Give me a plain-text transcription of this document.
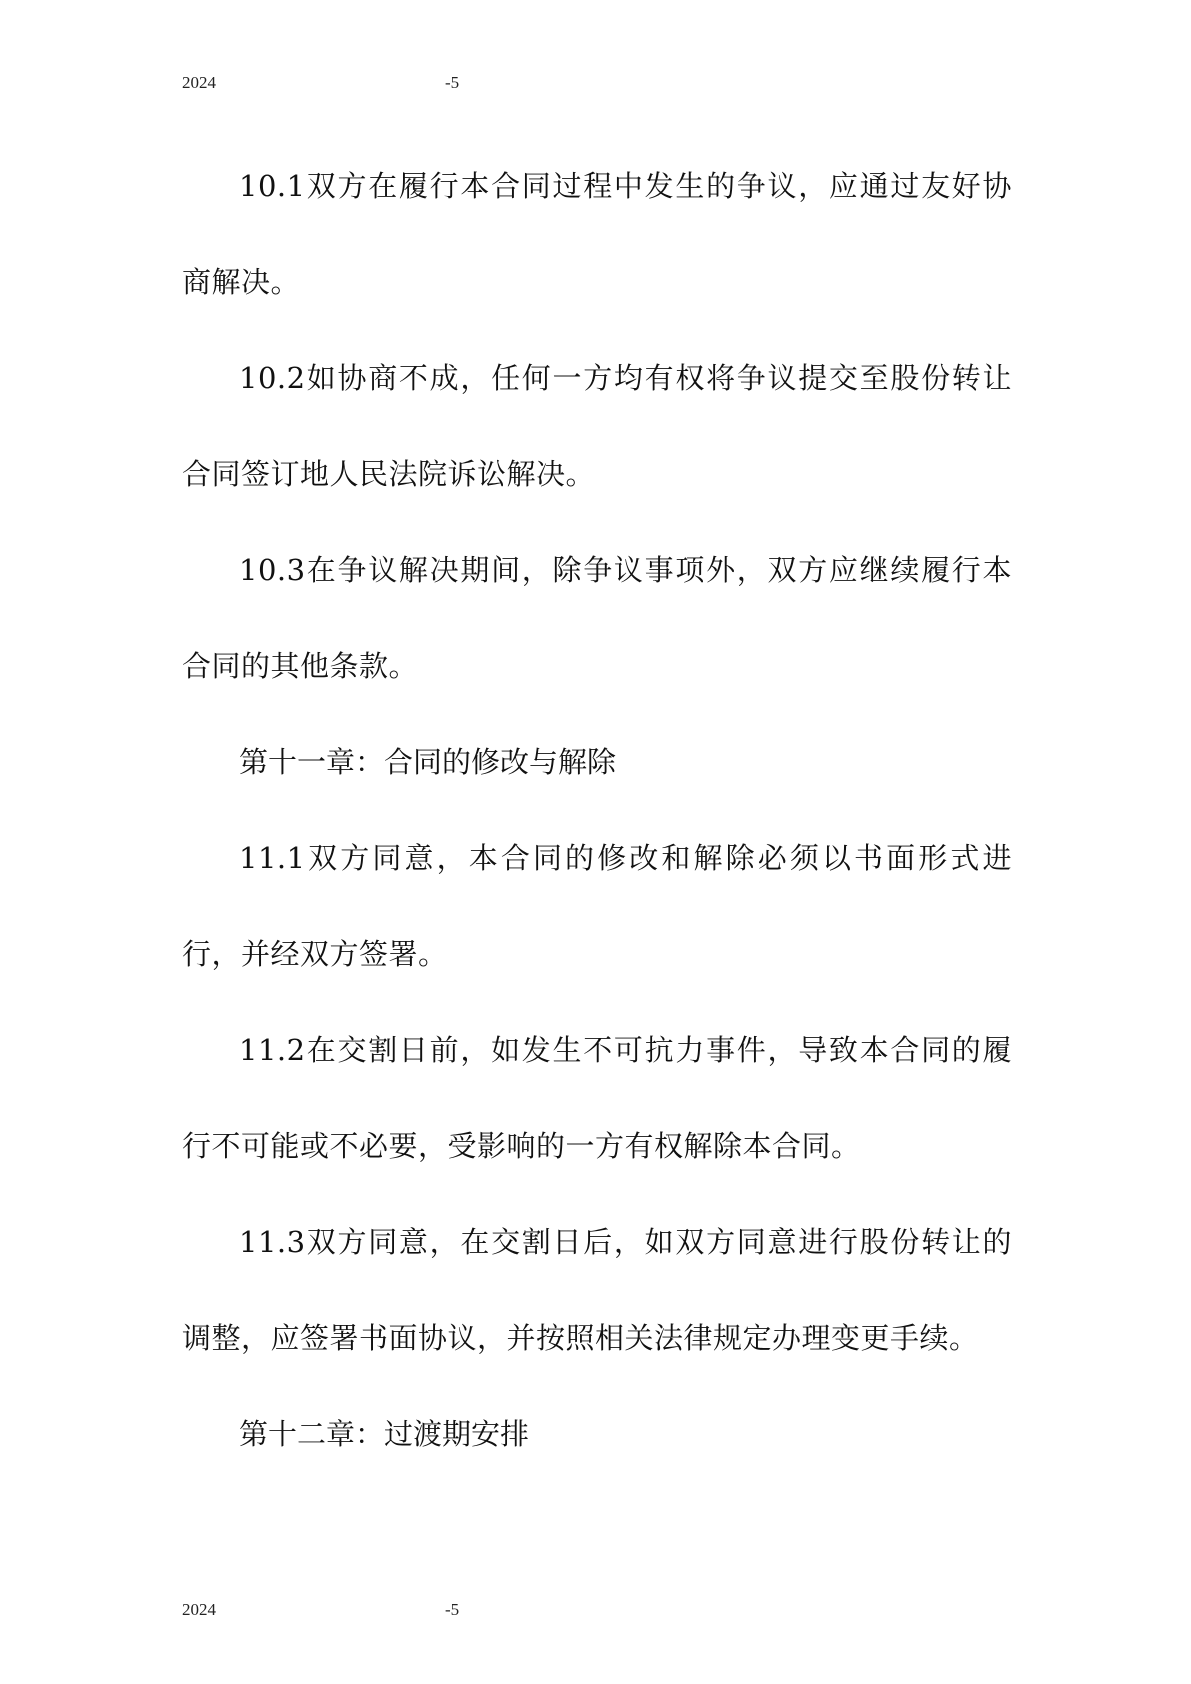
2024	-5

10.1双方在履行本合同过程中发生的争议，应通过友好协商解决。

10.2如协商不成，任何一方均有权将争议提交至股份转让合同签订地人民法院诉讼解决。

10.3在争议解决期间，除争议事项外，双方应继续履行本合同的其他条款。

第十一章：合同的修改与解除

11.1双方同意，本合同的修改和解除必须以书面形式进行，并经双方签署。

11.2在交割日前，如发生不可抗力事件，导致本合同的履行不可能或不必要，受影响的一方有权解除本合同。

11.3双方同意，在交割日后，如双方同意进行股份转让的调整，应签署书面协议，并按照相关法律规定办理变更手续。

第十二章：过渡期安排

2024	-5
